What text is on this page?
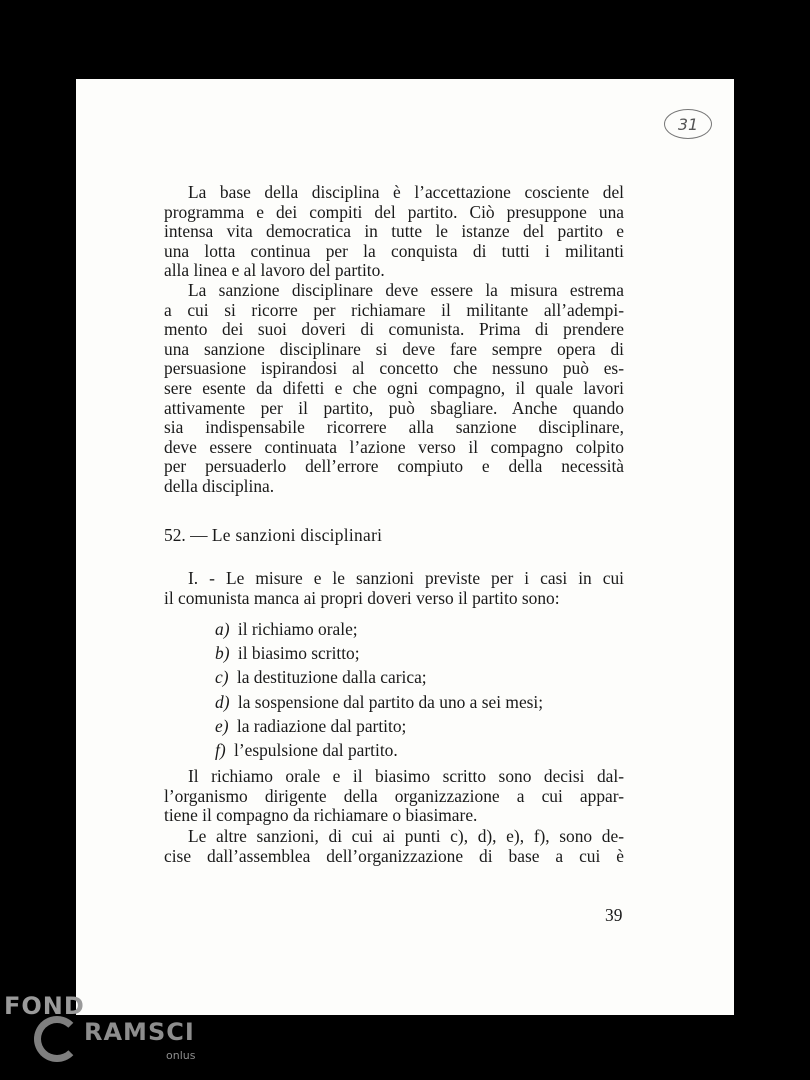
31
La base della disciplina è l’accettazione cosciente del
programma e dei compiti del partito. Ciò presuppone una
intensa vita democratica in tutte le istanze del partito e
una lotta continua per la conquista di tutti i militanti
alla linea e al lavoro del partito.
La sanzione disciplinare deve essere la misura estrema
a cui si ricorre per richiamare il militante all’adempi-
mento dei suoi doveri di comunista. Prima di prendere
una sanzione disciplinare si deve fare sempre opera di
persuasione ispirandosi al concetto che nessuno può es-
sere esente da difetti e che ogni compagno, il quale lavori
attivamente per il partito, può sbagliare. Anche quando
sia indispensabile ricorrere alla sanzione disciplinare,
deve essere continuata l’azione verso il compagno colpito
per persuaderlo dell’errore compiuto e della necessità
della disciplina.
52. — Le sanzioni disciplinari
I. - Le misure e le sanzioni previste per i casi in cui
il comunista manca ai propri doveri verso il partito sono:
a) il richiamo orale;
b) il biasimo scritto;
c) la destituzione dalla carica;
d) la sospensione dal partito da uno a sei mesi;
e) la radiazione dal partito;
f) l’espulsione dal partito.
Il richiamo orale e il biasimo scritto sono decisi dal-
l’organismo dirigente della organizzazione a cui appar-
tiene il compagno da richiamare o biasimare.
Le altre sanzioni, di cui ai punti c), d), e), f), sono de-
cise dall’assemblea dell’organizzazione di base a cui è
39
FOND
RAMSCI
onlus
